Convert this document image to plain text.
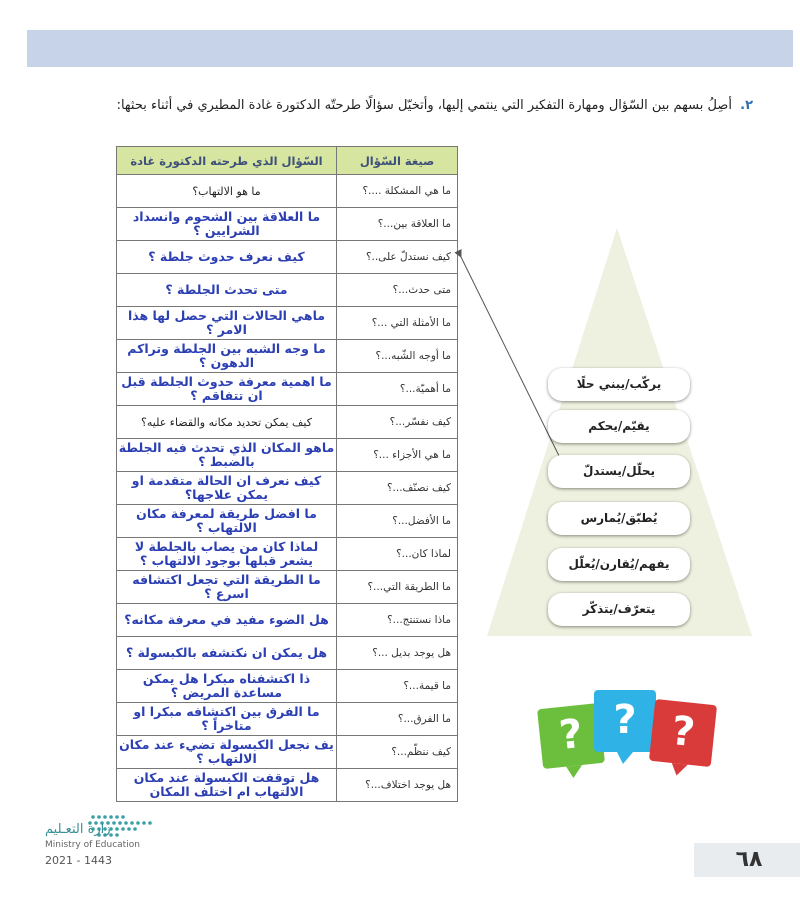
٢. أصِلُ بسهم بين السّؤال ومهارة التفكير التي ينتمي إليها، وأتخيّل سؤالًا طرحتّه الدكتورة غادة المطيري في أثناء بحثها:
صيغة السّؤال	السّؤال الذي طرحته الدكتورة غادة
ما هي المشكلة ....؟	ما هو الالتهاب؟
ما العلاقة بين...؟	ما العلاقة بين الشحوم وانسداد الشرايين ؟
كيف نستدلّ على..؟	كيف نعرف حدوث جلطة ؟
متى حدث...؟	متى تحدث الجلطة ؟
ما الأمثلة التي ...؟	ماهي الحالات التي حصل لها هذا الامر ؟
ما أوجه الشّبه...؟	ما وجه الشبه بين الجلطة وتراكم الدهون ؟
ما أهميّة...؟	ما اهمية معرفة حدوث الجلطة قبل ان تتفاقم ؟
كيف نفسّر...؟	كيف يمكن تحديد مكانه والقضاء عليه؟
ما هي الأجزاء ...؟	ماهو المكان الذي تحدث فيه الجلطة بالضبط ؟
كيف نصنّف...؟	كيف نعرف ان الحالة متقدمة او يمكن علاجها؟
ما الأفضل...؟	ما افضل طريقة لمعرفة مكان الالتهاب ؟
لماذا كان...؟	لماذا كان من يصاب بالجلطة لا يشعر قبلها بوجود الالتهاب ؟
ما الطريقة التي...؟	ما الطريقة التي تجعل اكتشافه اسرع ؟
ماذا نستنتج...؟	هل الضوء مفيد في معرفة مكانه؟
هل يوجد بديل ...؟	هل يمكن ان نكتشفه بالكبسولة ؟
ما قيمة...؟	ذا اكتشفناه مبكرا هل يمكن مساعدة المريض ؟
ما الفرق...؟	ما الفرق بين اكتشافه مبكرا او متاخراً ؟
كيف ننظّم...؟	يف نجعل الكبسولة تضيء عند مكان الالتهاب ؟
هل يوجد اختلاف...؟	هل توقفت الكبسولة عند مكان الالتهاب ام اختلف المكان
يركّب/يبني حلًا
يقيّم/يحكم
يحلّل/يستدلّ
يُطبّق/يُمارس
يفهم/يُقارن/يُعلّل
يتعرّف/يتذكّر
? ? ?
زارة التعـليم
Ministry of Education
2021 - 1443	٦٨
